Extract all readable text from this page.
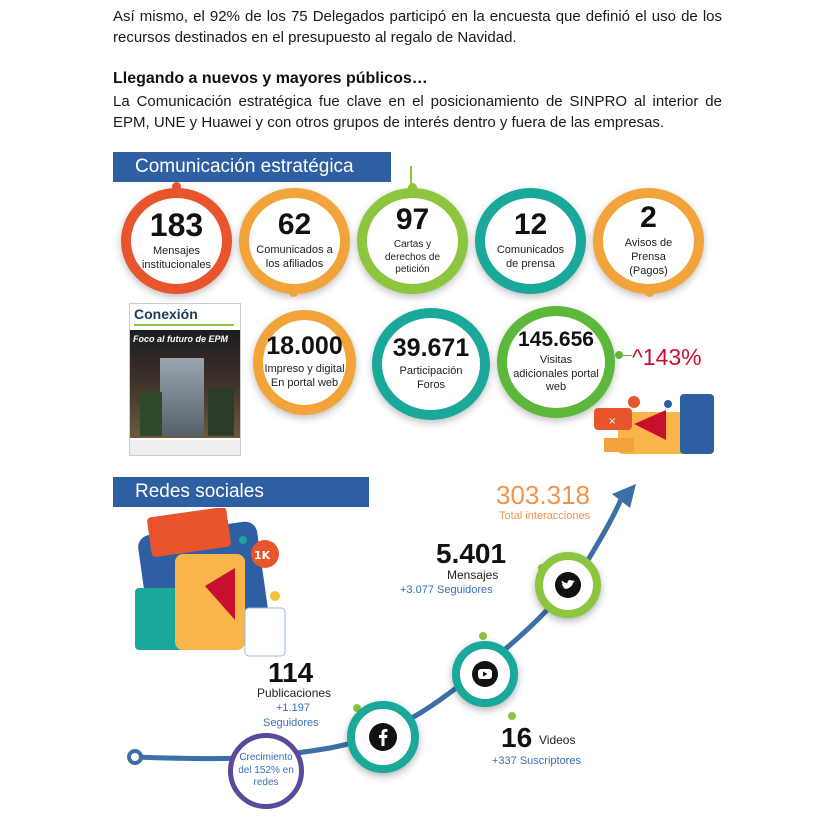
Así mismo, el 92% de los 75 Delegados participó en la encuesta que definió el uso de los recursos destinados en el presupuesto al regalo de Navidad.

Llegando a nuevos y mayores públicos…

La Comunicación estratégica fue clave en el posicionamiento de SINPRO al interior de EPM, UNE y Huawei y con otros grupos de interés dentro y fuera de las empresas.

Comunicación estratégica
183
Mensajes institucionales
62
Comunicados a los afiliados
97
Cartas y derechos de petición
12
Comunicados de prensa
2
Avisos de Prensa (Pagos)
Conexión
Foco al futuro de EPM 18.000
Impreso y digital En portal web
39.671
Participación Foros
145.656
Visitas adicionales portal web
^143%
×
Redes sociales
1K
303.318
Total interacciones
5.401
Mensajes
+3.077 Seguidores
16 Videos
+337 Suscriptores
114
Publicaciones
+1.197
Seguidores
Crecimiento del 152% en redes
